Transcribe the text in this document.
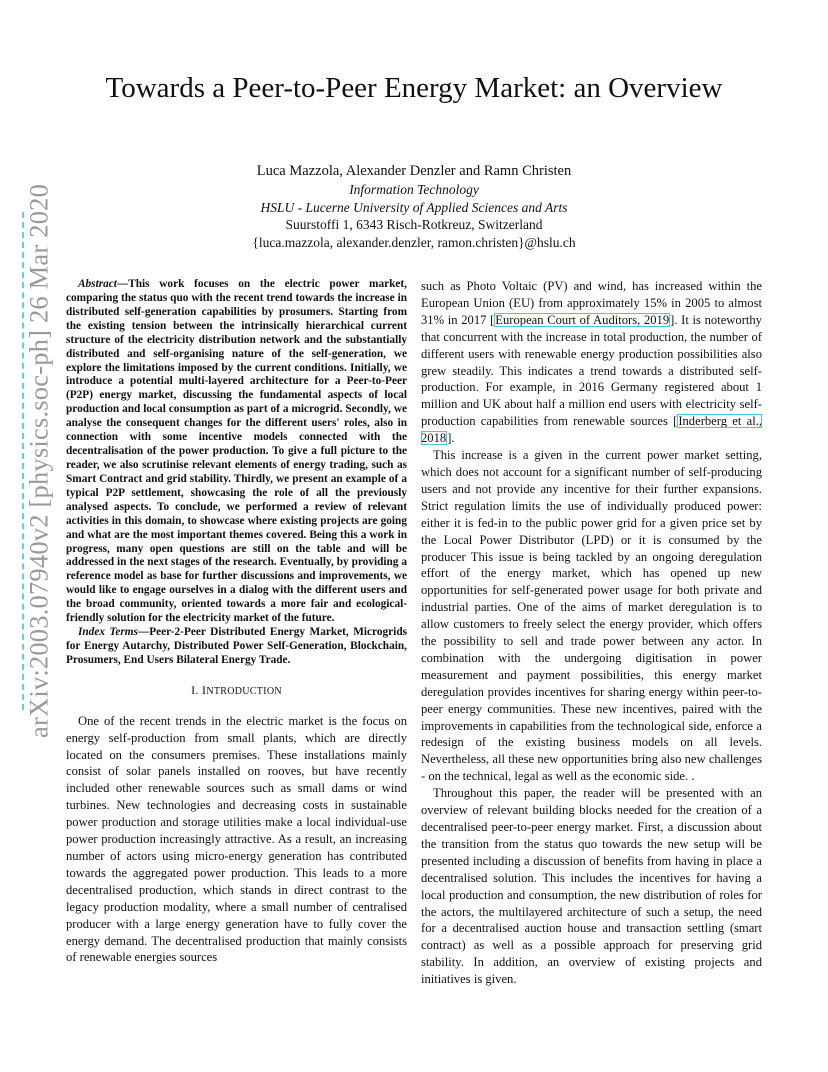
arXiv:2003.07940v2 [physics.soc-ph] 26 Mar 2020
Towards a Peer-to-Peer Energy Market: an Overview
Luca Mazzola, Alexander Denzler and Ramn Christen
Information Technology
HSLU - Lucerne University of Applied Sciences and Arts
Suurstoffi 1, 6343 Risch-Rotkreuz, Switzerland
{luca.mazzola, alexander.denzler, ramon.christen}@hslu.ch

Abstract—This work focuses on the electric power market, comparing the status quo with the recent trend towards the increase in distributed self-generation capabilities by prosumers. Starting from the existing tension between the intrinsically hierarchical current structure of the electricity distribution network and the substantially distributed and self-organising nature of the self-generation, we explore the limitations imposed by the current conditions. Initially, we introduce a potential multi-layered architecture for a Peer-to-Peer (P2P) energy market, discussing the fundamental aspects of local production and local consumption as part of a microgrid. Secondly, we analyse the consequent changes for the different users' roles, also in connection with some incentive models connected with the decentralisation of the power production. To give a full picture to the reader, we also scrutinise relevant elements of energy trading, such as Smart Contract and grid stability. Thirdly, we present an example of a typical P2P settlement, showcasing the role of all the previously analysed aspects. To conclude, we performed a review of relevant activities in this domain, to showcase where existing projects are going and what are the most important themes covered. Being this a work in progress, many open questions are still on the table and will be addressed in the next stages of the research. Eventually, by providing a reference model as base for further discussions and improvements, we would like to engage ourselves in a dialog with the different users and the broad community, oriented towards a more fair and ecological-friendly solution for the electricity market of the future.

Index Terms—Peer-2-Peer Distributed Energy Market, Microgrids for Energy Autarchy, Distributed Power Self-Generation, Blockchain, Prosumers, End Users Bilateral Energy Trade.

I. INTRODUCTION

One of the recent trends in the electric market is the focus on energy self-production from small plants, which are directly located on the consumers premises. These installations mainly consist of solar panels installed on rooves, but have recently included other renewable sources such as small dams or wind turbines. New technologies and decreasing costs in sustainable power production and storage utilities make a local individual-use power production increasingly attractive. As a result, an increasing number of actors using micro-energy generation has contributed towards the aggregated power production. This leads to a more decentralised production, which stands in direct contrast to the legacy production modality, where a small number of centralised producer with a large energy generation have to fully cover the energy demand. The decentralised production that mainly consists of renewable energies sources

such as Photo Voltaic (PV) and wind, has increased within the European Union (EU) from approximately 15% in 2005 to almost 31% in 2017 [European Court of Auditors, 2019]. It is noteworthy that concurrent with the increase in total production, the number of different users with renewable energy production possibilities also grew steadily. This indicates a trend towards a distributed self-production. For example, in 2016 Germany registered about 1 million and UK about half a million end users with electricity self-production capabilities from renewable sources [Inderberg et al., 2018].

This increase is a given in the current power market setting, which does not account for a significant number of self-producing users and not provide any incentive for their further expansions. Strict regulation limits the use of individually produced power: either it is fed-in to the public power grid for a given price set by the Local Power Distributor (LPD) or it is consumed by the producer This issue is being tackled by an ongoing deregulation effort of the energy market, which has opened up new opportunities for self-generated power usage for both private and industrial parties. One of the aims of market deregulation is to allow customers to freely select the energy provider, which offers the possibility to sell and trade power between any actor. In combination with the undergoing digitisation in power measurement and payment possibilities, this energy market deregulation provides incentives for sharing energy within peer-to-peer energy communities. These new incentives, paired with the improvements in capabilities from the technological side, enforce a redesign of the existing business models on all levels. Nevertheless, all these new opportunities bring also new challenges - on the technical, legal as well as the economic side. .

Throughout this paper, the reader will be presented with an overview of relevant building blocks needed for the creation of a decentralised peer-to-peer energy market. First, a discussion about the transition from the status quo towards the new setup will be presented including a discussion of benefits from having in place a decentralised solution. This includes the incentives for having a local production and consumption, the new distribution of roles for the actors, the multilayered architecture of such a setup, the need for a decentralised auction house and transaction settling (smart contract) as well as a possible approach for preserving grid stability. In addition, an overview of existing projects and initiatives is given.
